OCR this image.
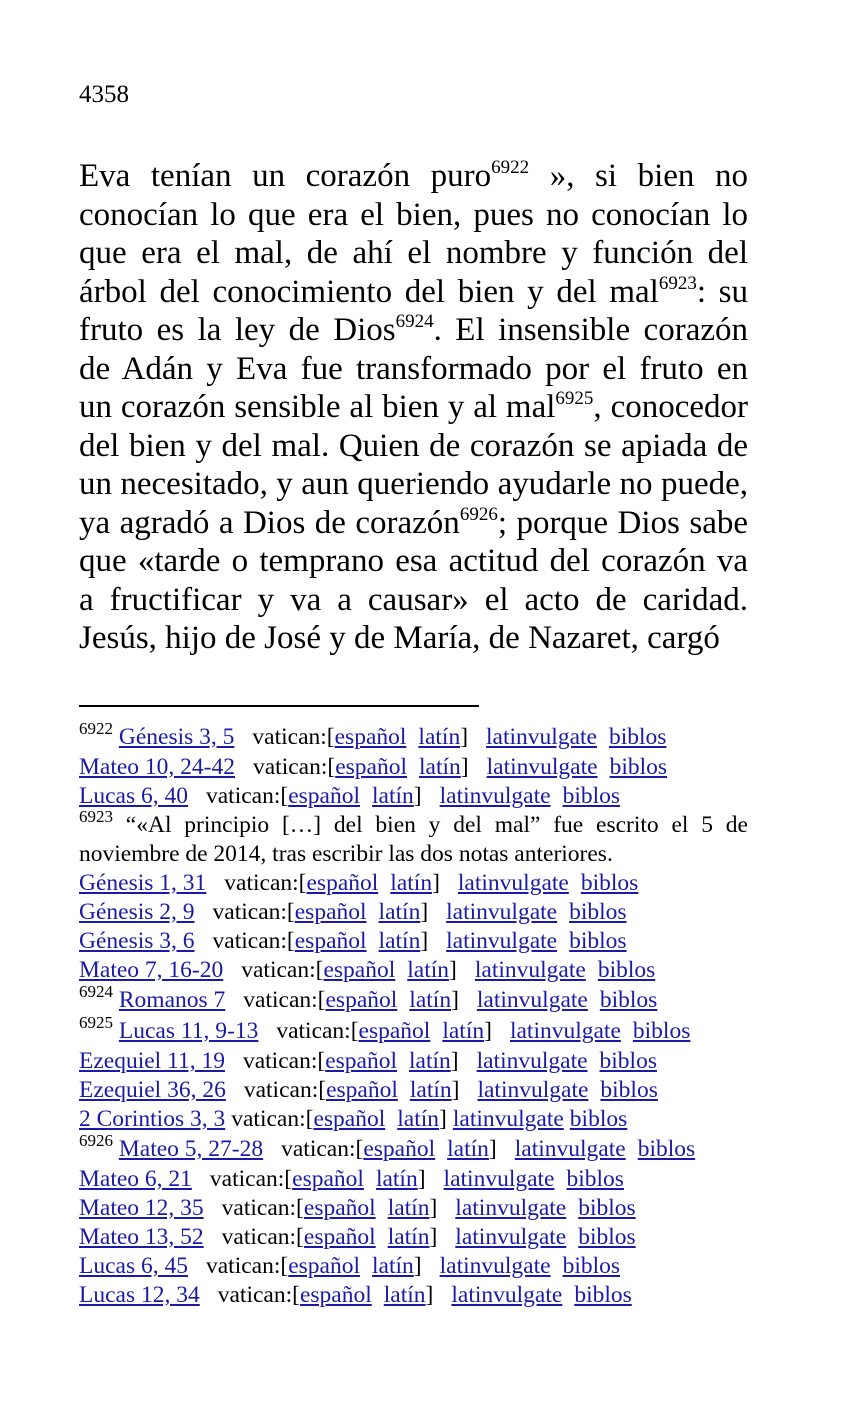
4358
Eva tenían un corazón puro$^{6922}$ », si bien no
conocían lo que era el bien, pues no conocían lo
que era el mal, de ahí el nombre y función del
árbol del conocimiento del bien y del mal$^{6923}$: su
fruto es la ley de Dios$^{6924}$. El insensible corazón
de Adán y Eva fue transformado por el fruto en
un corazón sensible al bien y al mal$^{6925}$, conocedor
del bien y del mal. Quien de corazón se apiada de
un necesitado, y aun queriendo ayudarle no puede,
ya agradó a Dios de corazón$^{6926}$; porque Dios sabe
que «tarde o temprano esa actitud del corazón va
a fructificar y va a causar» el acto de caridad.
Jesús, hijo de José y de María, de Nazaret, cargó
$^{6922}$ Génesis 3, 5 vatican:[español latín] latinvulgate biblos
Mateo 10, 24-42 vatican:[español latín] latinvulgate biblos
Lucas 6, 40 vatican:[español latín] latinvulgate biblos
$^{6923}$ “«Al principio […] del bien y del mal” fue escrito el 5 de noviembre de 2014, tras escribir las dos notas anteriores.
Génesis 1, 31 vatican:[español latín] latinvulgate biblos
Génesis 2, 9 vatican:[español latín] latinvulgate biblos
Génesis 3, 6 vatican:[español latín] latinvulgate biblos
Mateo 7, 16-20 vatican:[español latín] latinvulgate biblos
$^{6924}$ Romanos 7 vatican:[español latín] latinvulgate biblos
$^{6925}$ Lucas 11, 9-13 vatican:[español latín] latinvulgate biblos
Ezequiel 11, 19 vatican:[español latín] latinvulgate biblos
Ezequiel 36, 26 vatican:[español latín] latinvulgate biblos
2 Corintios 3, 3 vatican:[español latín] latinvulgate biblos
$^{6926}$ Mateo 5, 27-28 vatican:[español latín] latinvulgate biblos
Mateo 6, 21 vatican:[español latín] latinvulgate biblos
Mateo 12, 35 vatican:[español latín] latinvulgate biblos
Mateo 13, 52 vatican:[español latín] latinvulgate biblos
Lucas 6, 45 vatican:[español latín] latinvulgate biblos
Lucas 12, 34 vatican:[español latín] latinvulgate biblos
